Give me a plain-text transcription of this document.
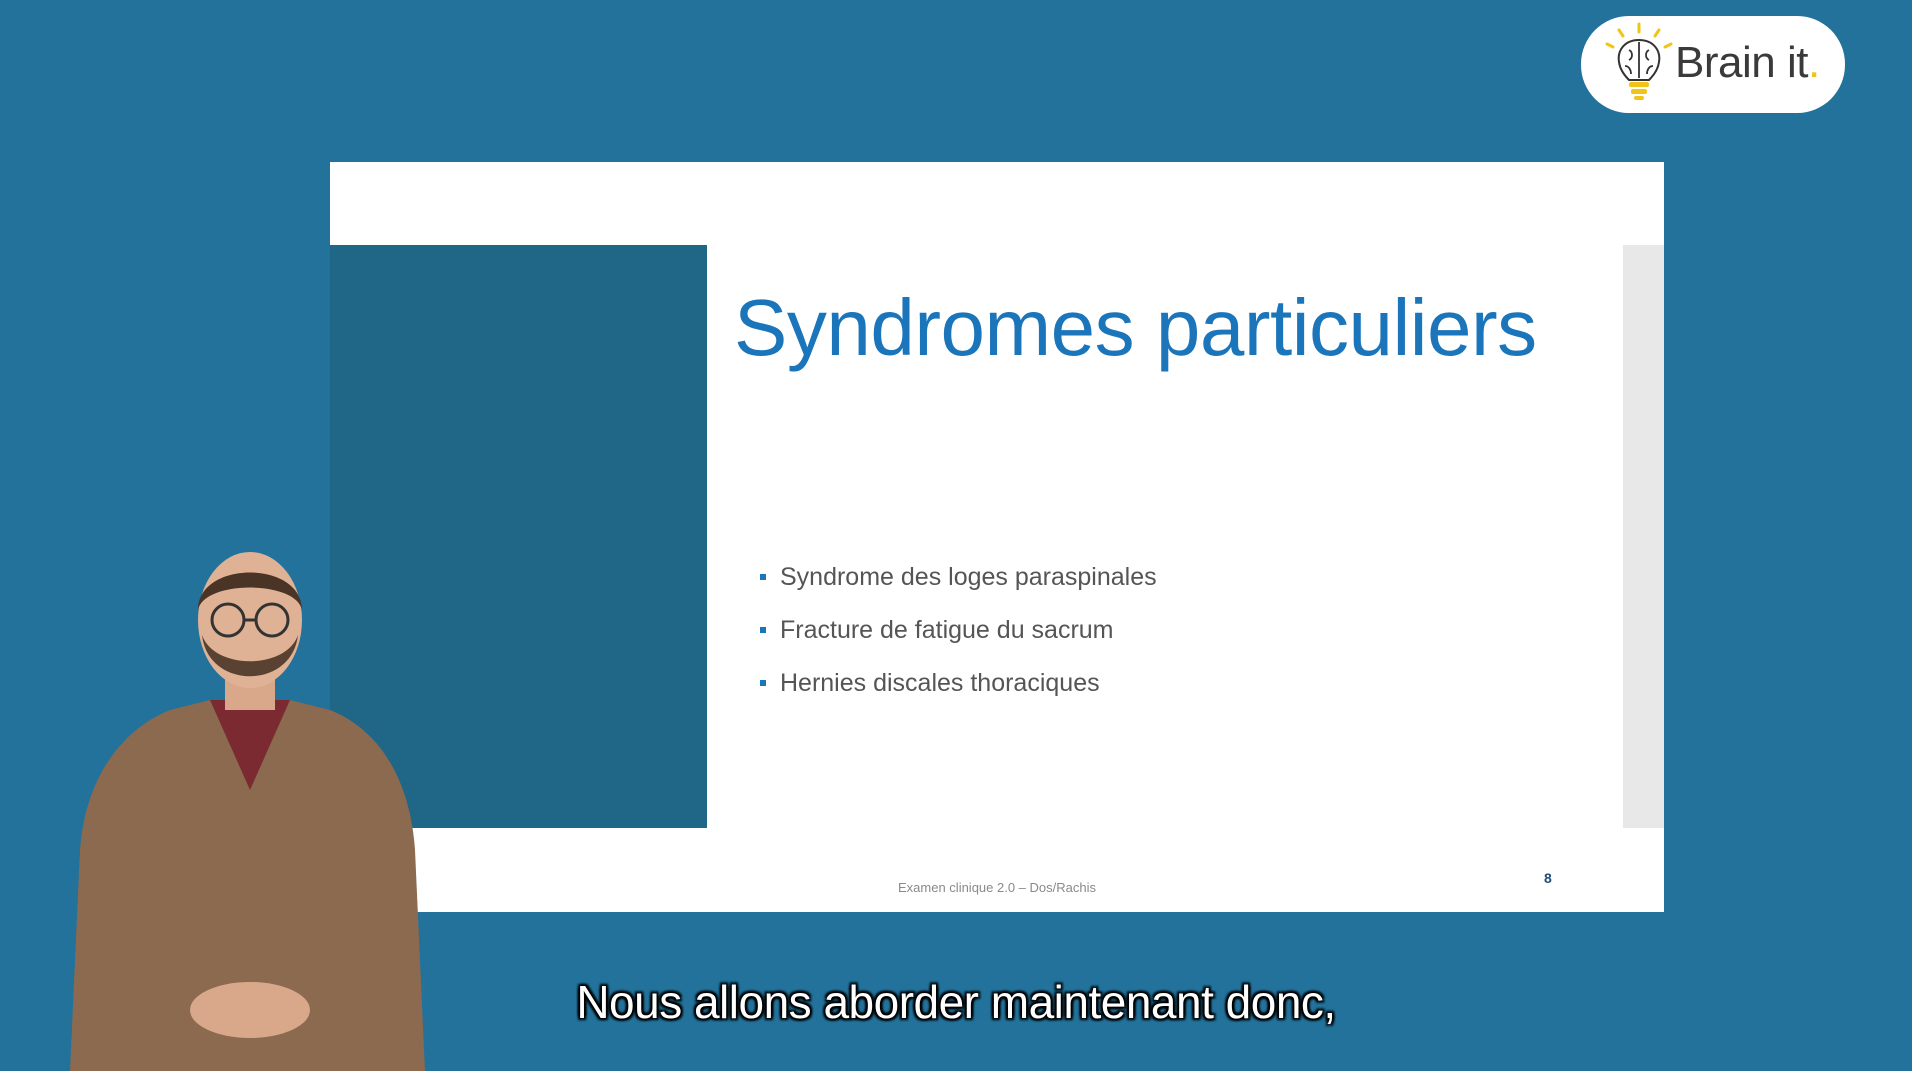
Brain it.
Syndromes particuliers
Syndrome des loges paraspinales
Fracture de fatigue du sacrum
Hernies discales thoraciques
Examen clinique 2.0 – Dos/Rachis
8
Nous allons aborder maintenant donc,
